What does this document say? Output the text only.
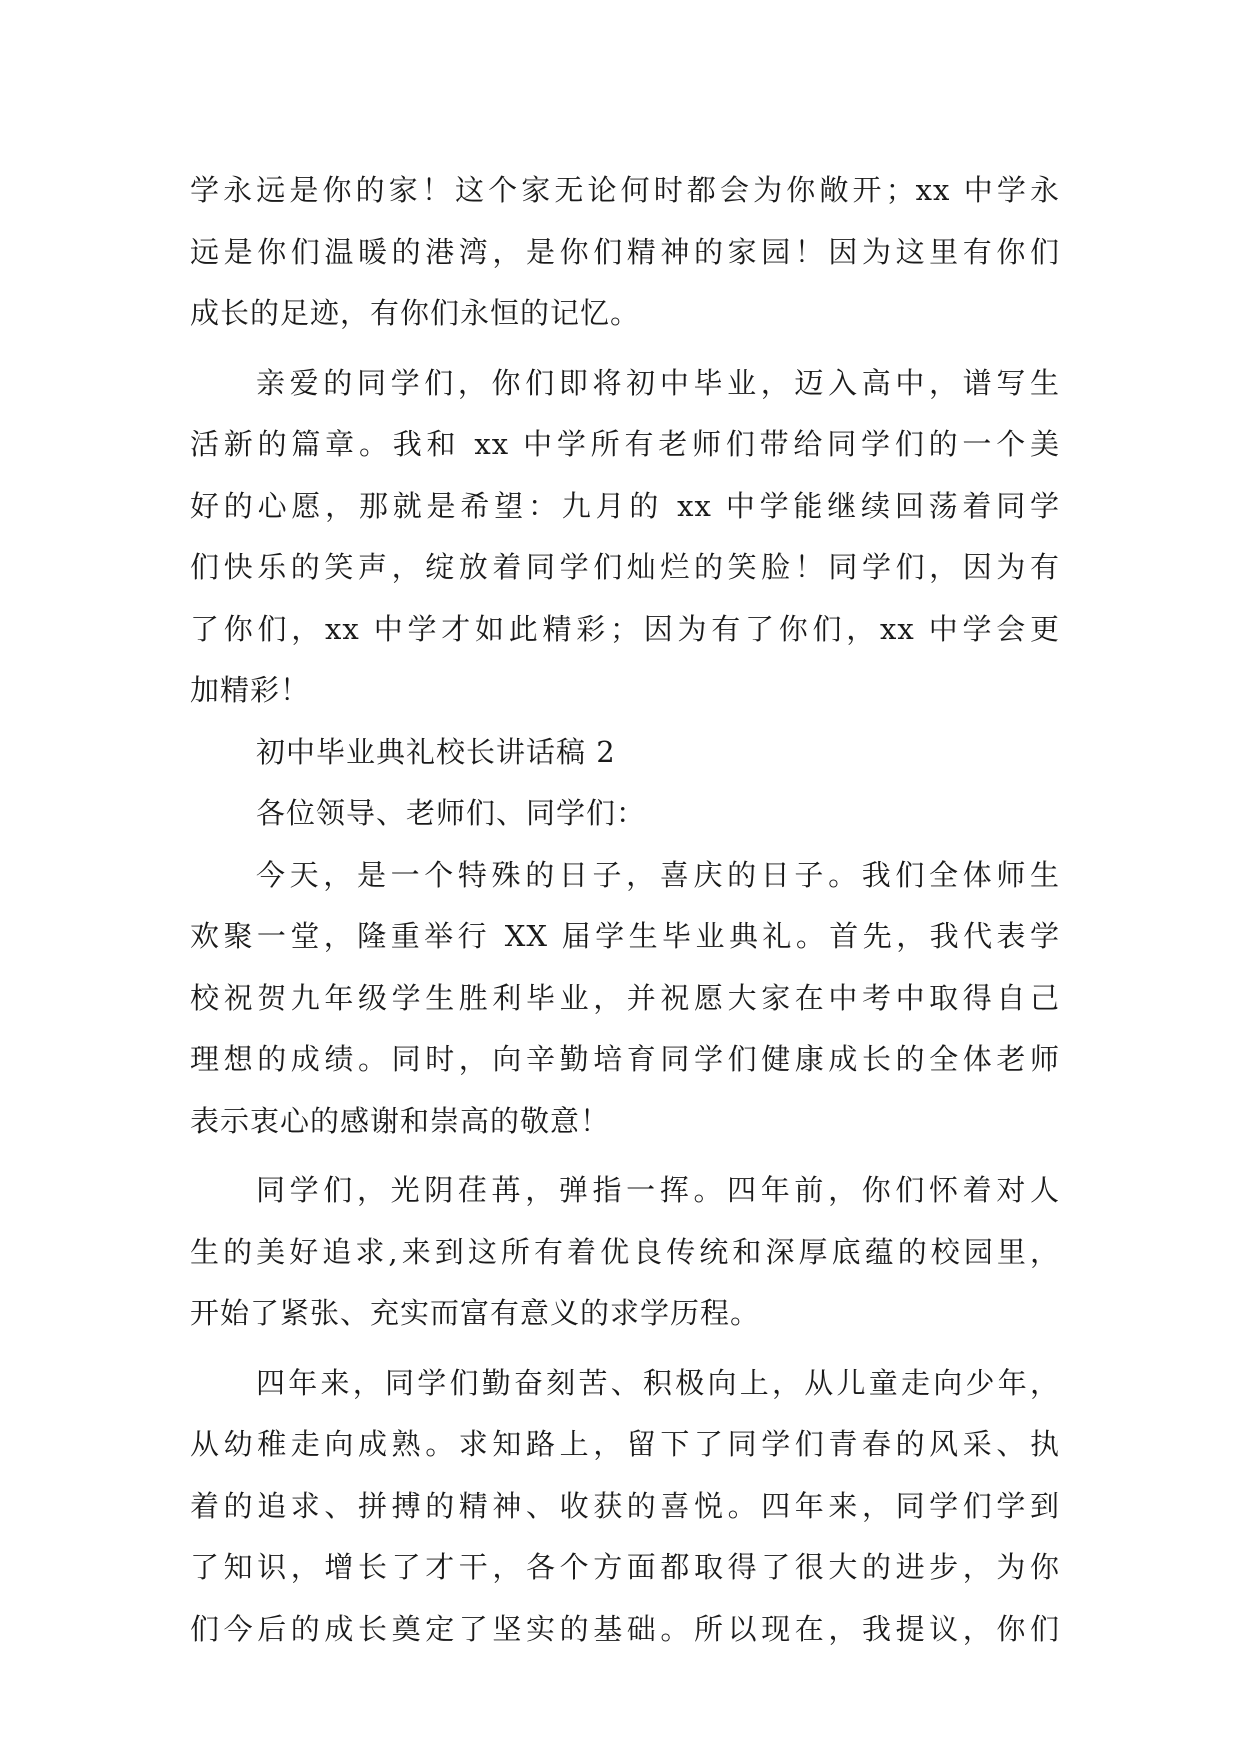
学永远是你的家！这个家无论何时都会为你敞开；xx 中学永
远是你们温暖的港湾，是你们精神的家园！因为这里有你们
成长的足迹，有你们永恒的记忆。
亲爱的同学们，你们即将初中毕业，迈入高中，谱写生
活新的篇章。我和 xx 中学所有老师们带给同学们的一个美
好的心愿，那就是希望：九月的 xx 中学能继续回荡着同学
们快乐的笑声，绽放着同学们灿烂的笑脸！同学们，因为有
了你们，xx 中学才如此精彩；因为有了你们，xx 中学会更
加精彩！
初中毕业典礼校长讲话稿 2
各位领导、老师们、同学们：
今天，是一个特殊的日子，喜庆的日子。我们全体师生
欢聚一堂，隆重举行 XX 届学生毕业典礼。首先，我代表学
校祝贺九年级学生胜利毕业，并祝愿大家在中考中取得自己
理想的成绩。同时，向辛勤培育同学们健康成长的全体老师
表示衷心的感谢和崇高的敬意！
同学们，光阴荏苒，弹指一挥。四年前，你们怀着对人
生的美好追求,来到这所有着优良传统和深厚底蕴的校园里，
开始了紧张、充实而富有意义的求学历程。
四年来，同学们勤奋刻苦、积极向上，从儿童走向少年，
从幼稚走向成熟。求知路上，留下了同学们青春的风采、执
着的追求、拼搏的精神、收获的喜悦。四年来，同学们学到
了知识，增长了才干，各个方面都取得了很大的进步，为你
们今后的成长奠定了坚实的基础。所以现在，我提议，你们
